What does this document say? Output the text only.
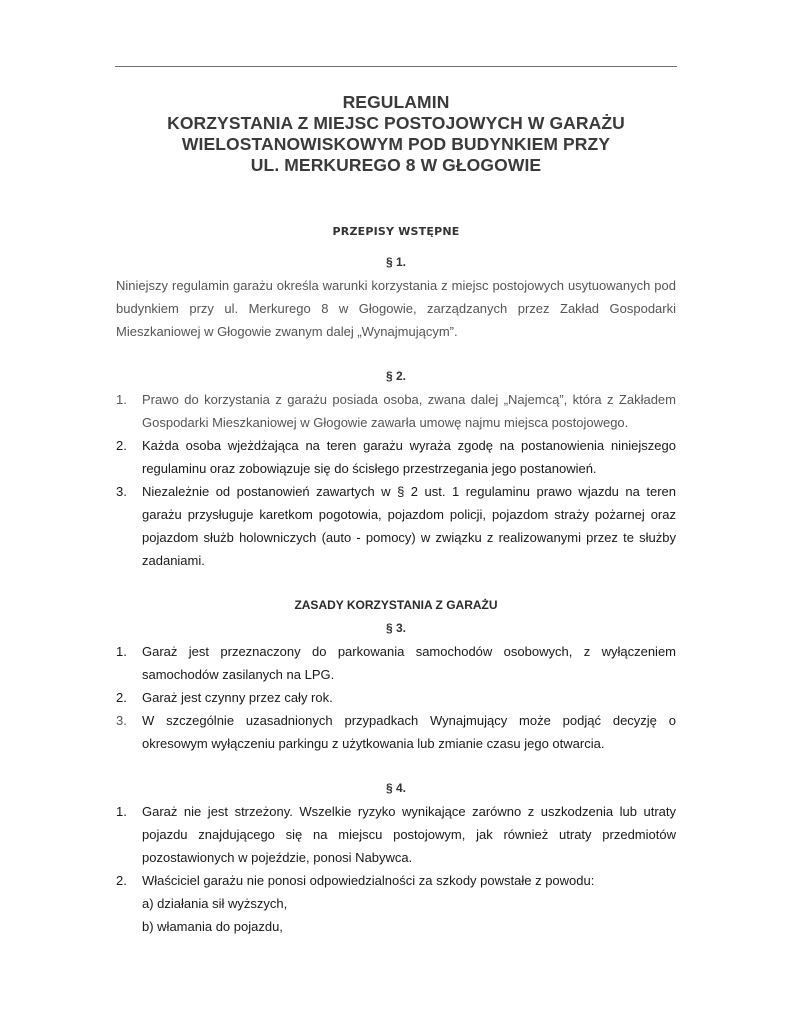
REGULAMIN
KORZYSTANIA Z MIEJSC POSTOJOWYCH W GARAŻU
WIELOSTANOWISKOWYM POD BUDYNKIEM PRZY
UL. MERKUREGO 8 W GŁOGOWIE

PRZEPISY WSTĘPNE

§ 1.

Niniejszy regulamin garażu określa warunki korzystania z miejsc postojowych usytuowanych pod budynkiem przy ul. Merkurego 8 w Głogowie, zarządzanych przez Zakład Gospodarki Mieszkaniowej w Głogowie zwanym dalej „Wynajmującym”.

§ 2.

1. Prawo do korzystania z garażu posiada osoba, zwana dalej „Najemcą”, która z Zakładem Gospodarki Mieszkaniowej w Głogowie zawarła umowę najmu miejsca postojowego.
2. Każda osoba wjeżdżająca na teren garażu wyraża zgodę na postanowienia niniejszego regulaminu oraz zobowiązuje się do ścisłego przestrzegania jego postanowień.
3. Niezależnie od postanowień zawartych w § 2 ust. 1 regulaminu prawo wjazdu na teren garażu przysługuje karetkom pogotowia, pojazdom policji, pojazdom straży pożarnej oraz pojazdom służb holowniczych (auto - pomocy) w związku z realizowanymi przez te służby zadaniami.

ZASADY KORZYSTANIA Z GARAŻU

§ 3.

1. Garaż jest przeznaczony do parkowania samochodów osobowych, z wyłączeniem samochodów zasilanych na LPG.
2. Garaż jest czynny przez cały rok.
3. W szczególnie uzasadnionych przypadkach Wynajmujący może podjąć decyzję o okresowym wyłączeniu parkingu z użytkowania lub zmianie czasu jego otwarcia.

§ 4.

1. Garaż nie jest strzeżony. Wszelkie ryzyko wynikające zarówno z uszkodzenia lub utraty pojazdu znajdującego się na miejscu postojowym, jak również utraty przedmiotów pozostawionych w pojeździe, ponosi Nabywca.
2. Właściciel garażu nie ponosi odpowiedzialności za szkody powstałe z powodu:

a) działania sił wyższych,

b) włamania do pojazdu,
